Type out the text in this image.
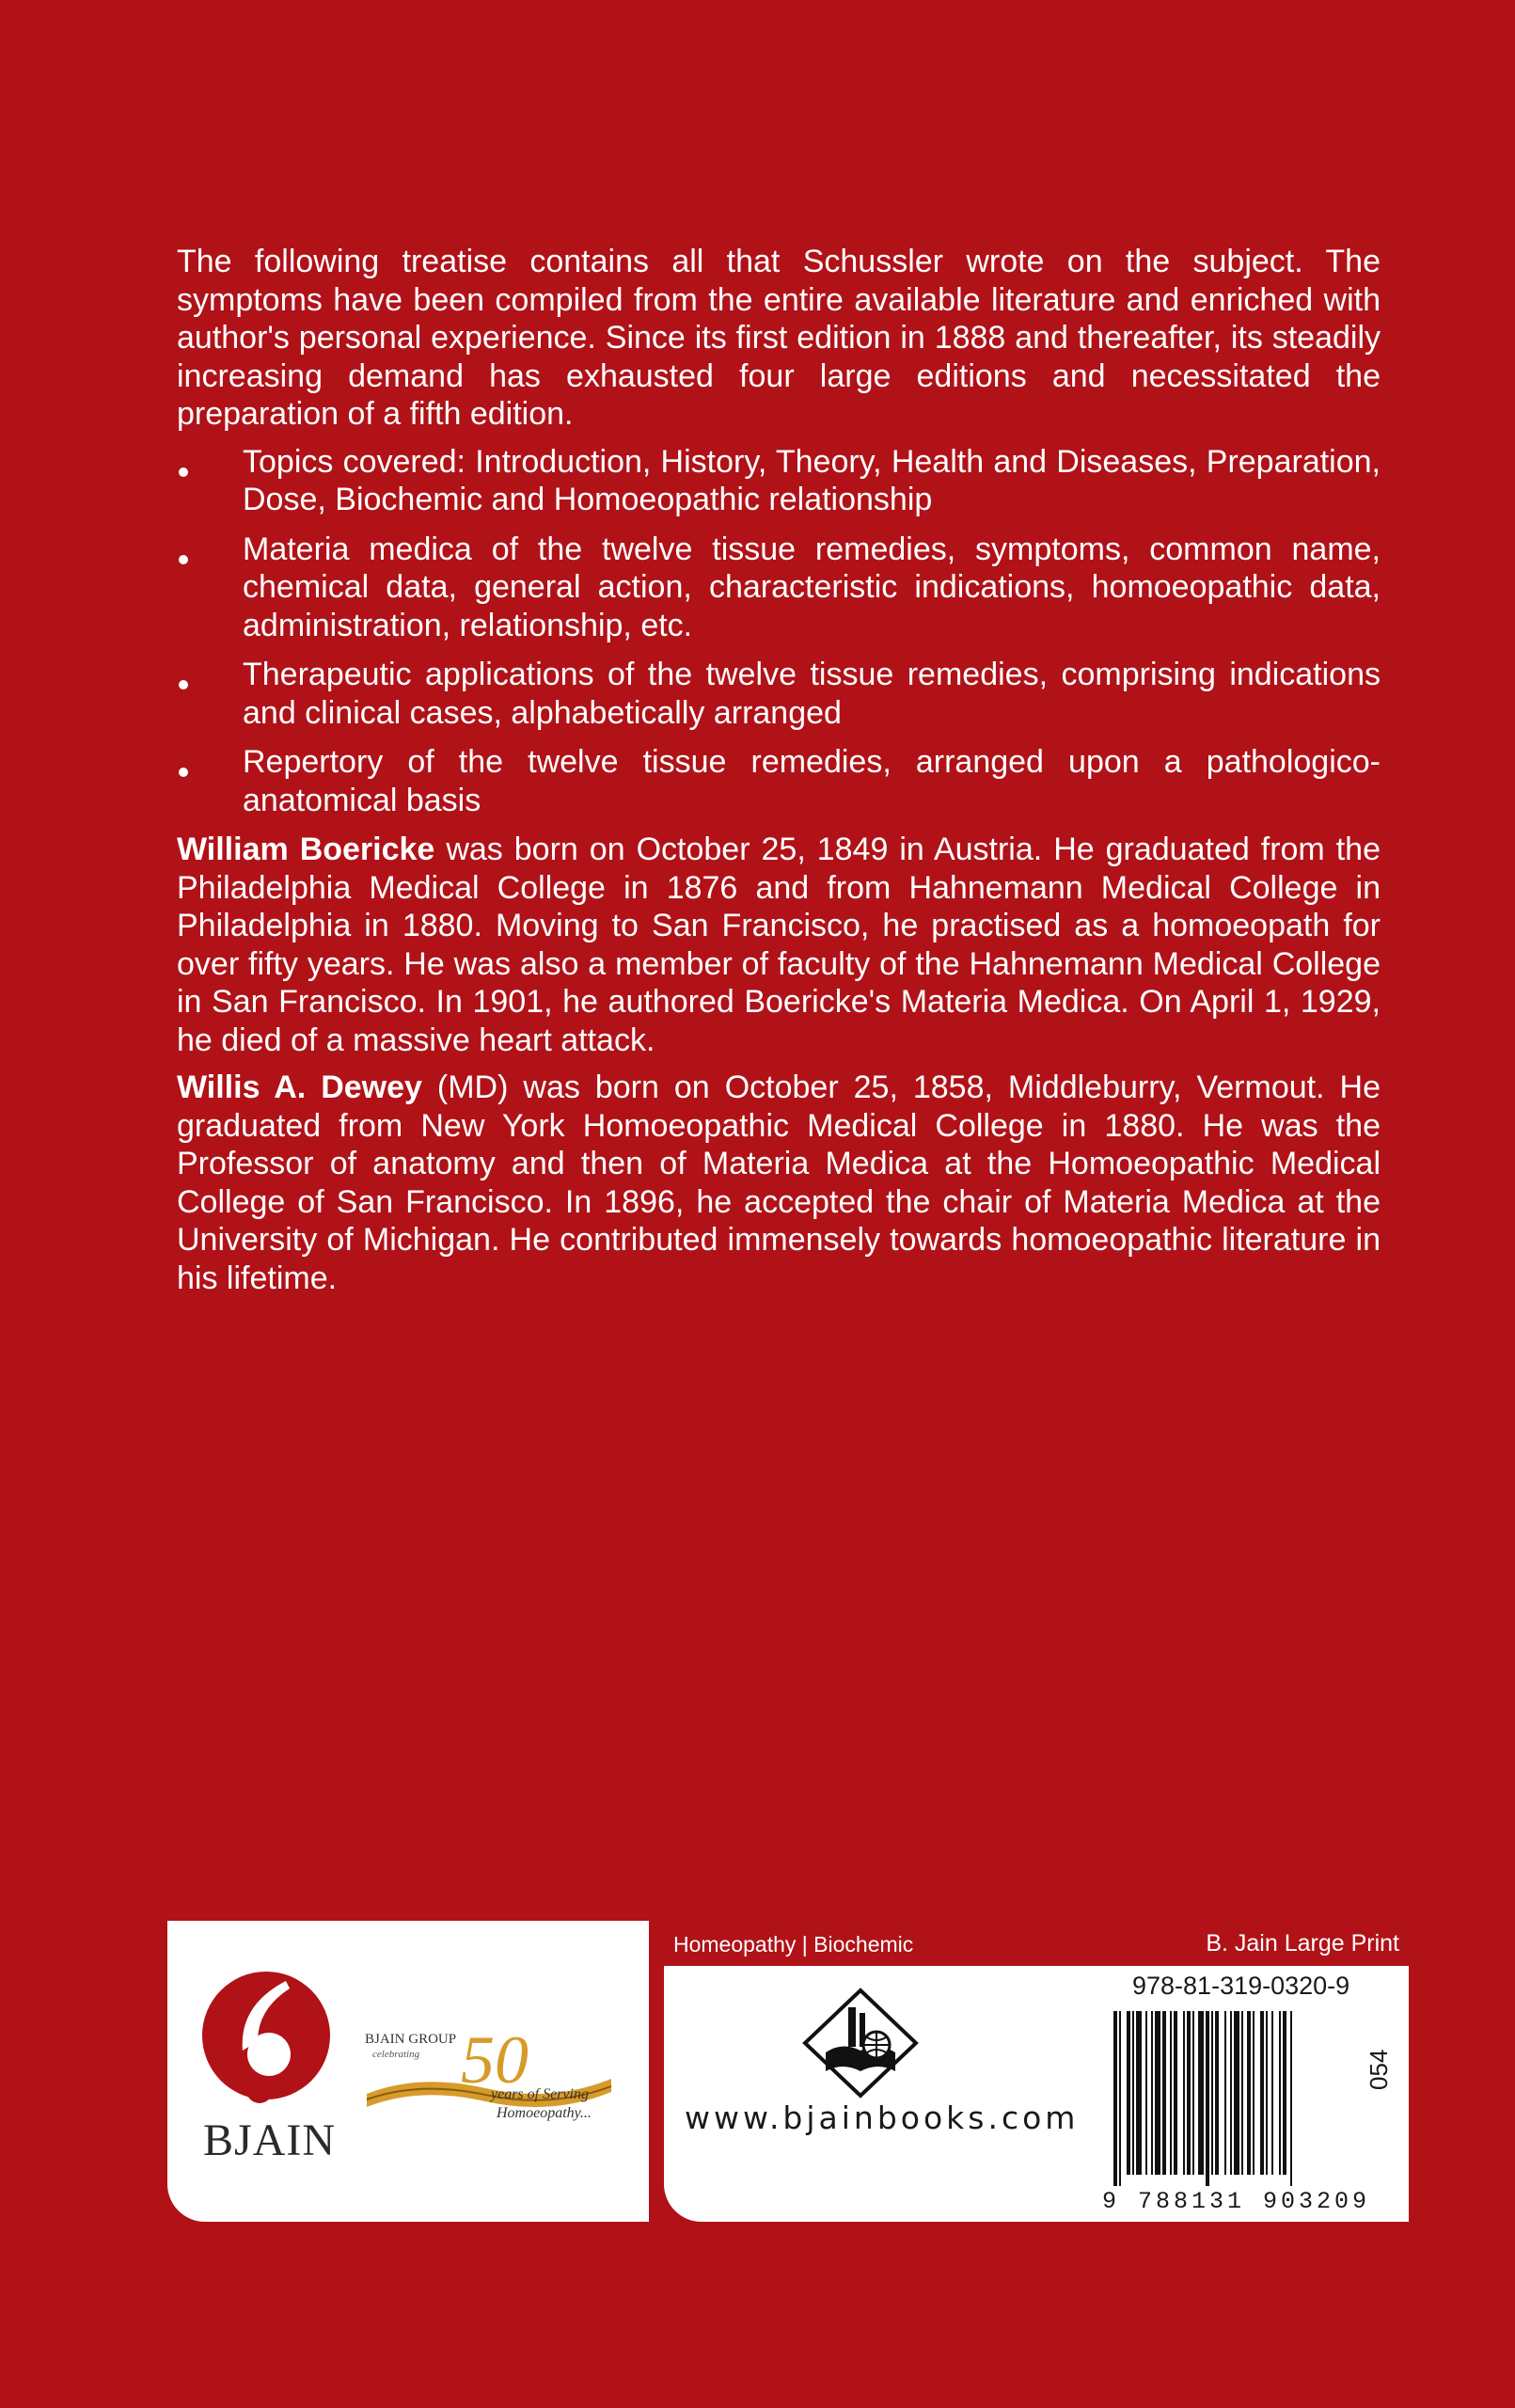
The following treatise contains all that Schussler wrote on the subject. The symptoms have been compiled from the entire available literature and enriched with author's personal experience. Since its first edition in 1888 and thereafter, its steadily increasing demand has exhausted four large editions and necessitated the preparation of a fifth edition.

Topics covered: Introduction, History, Theory, Health and Diseases, Preparation, Dose, Biochemic and Homoeopathic relationship
Materia medica of the twelve tissue remedies, symptoms, common name, chemical data, general action, characteristic indications, homoeopathic data, administration, relationship, etc.
Therapeutic applications of the twelve tissue remedies, comprising indications and clinical cases, alphabetically arranged
Repertory of the twelve tissue remedies, arranged upon a pathologico-anatomical basis

William Boericke was born on October 25, 1849 in Austria. He graduated from the Philadelphia Medical College in 1876 and from Hahnemann Medical College in Philadelphia in 1880. Moving to San Francisco, he practised as a homoeopath for over fifty years. He was also a member of faculty of the Hahnemann Medical College in San Francisco. In 1901, he authored Boericke's Materia Medica. On April 1, 1929, he died of a massive heart attack.

Willis A. Dewey (MD) was born on October 25, 1858, Middleburry, Vermout. He graduated from New York Homoeopathic Medical College in 1880. He was the Professor of anatomy and then of Materia Medica at the Homoeopathic Medical College of San Francisco. In 1896, he accepted the chair of Materia Medica at the University of Michigan. He contributed immensely towards homoeopathic literature in his lifetime.

BJAIN
BJAIN GROUP
celebrating 50
years of Serving
Homoeopathy...
Homeopathy | Biochemic	B. Jain Large Print
www.bjainbooks.com
978-81-319-0320-9
9 788131 903209
054
